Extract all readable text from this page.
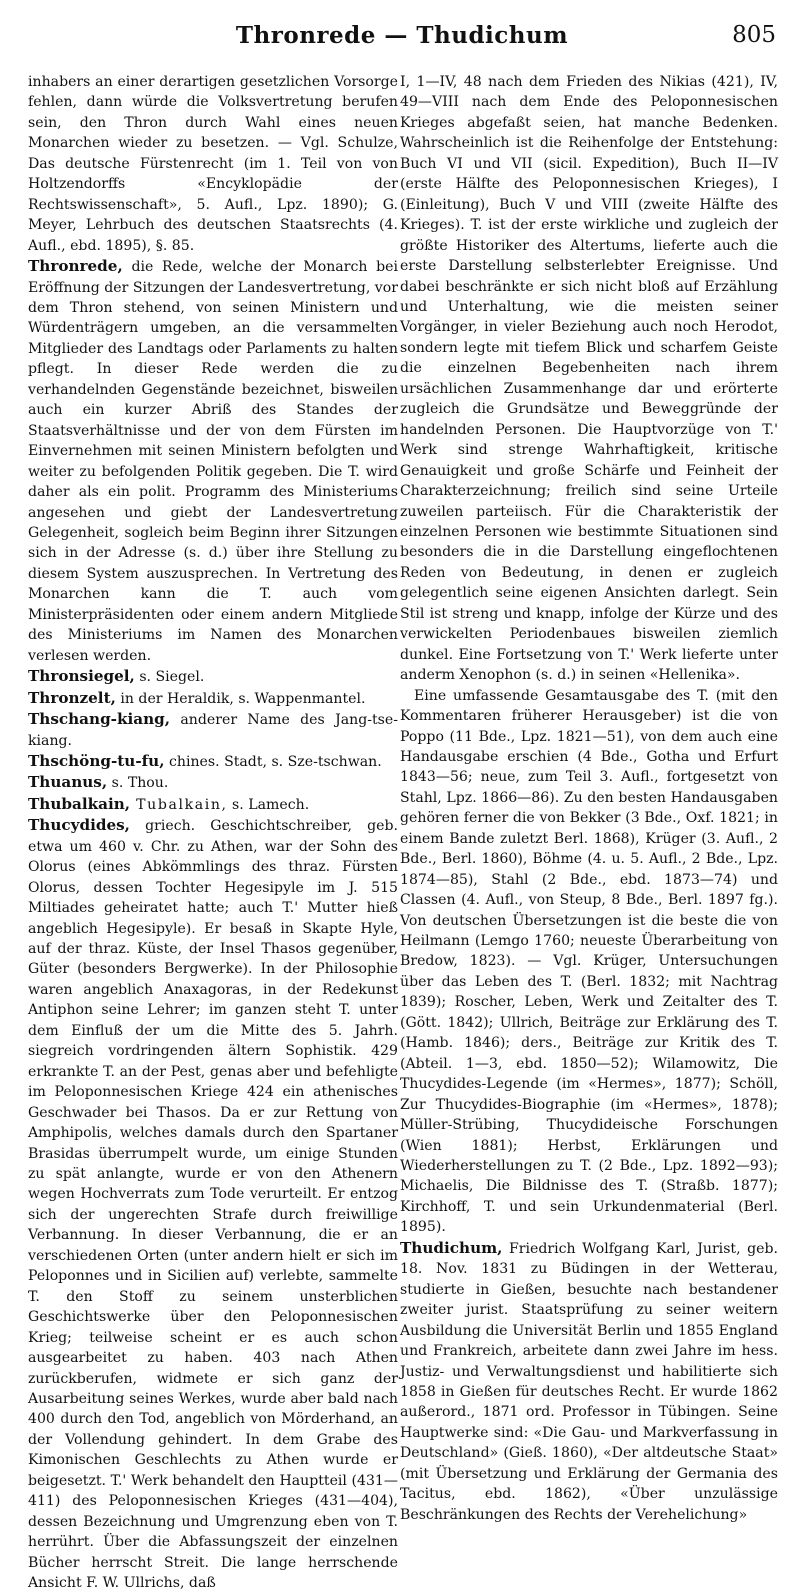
Thronrede — Thudichum	805

inhabers an einer derartigen gesetzlichen Vorsorge fehlen, dann würde die Volksvertretung berufen sein, den Thron durch Wahl eines neuen Monarchen wieder zu besetzen. — Vgl. Schulze, Das deutsche Fürstenrecht (im 1. Teil von von Holtzendorffs «Encyklopädie der Rechtswissenschaft», 5. Aufl., Lpz. 1890); G. Meyer, Lehrbuch des deutschen Staatsrechts (4. Aufl., ebd. 1895), §. 85.

Thronrede, die Rede, welche der Monarch bei Eröffnung der Sitzungen der Landesvertretung, vor dem Thron stehend, von seinen Ministern und Würdenträgern umgeben, an die versammelten Mitglieder des Landtags oder Parlaments zu halten pflegt. In dieser Rede werden die zu verhandelnden Gegenstände bezeichnet, bisweilen auch ein kurzer Abriß des Standes der Staatsverhältnisse und der von dem Fürsten im Einvernehmen mit seinen Ministern befolgten und weiter zu befolgenden Politik gegeben. Die T. wird daher als ein polit. Programm des Ministeriums angesehen und giebt der Landesvertretung Gelegenheit, sogleich beim Beginn ihrer Sitzungen sich in der Adresse (s. d.) über ihre Stellung zu diesem System auszusprechen. In Vertretung des Monarchen kann die T. auch vom Ministerpräsidenten oder einem andern Mitgliede des Ministeriums im Namen des Monarchen verlesen werden.

Thronsiegel, s. Siegel.

Thronzelt, in der Heraldik, s. Wappenmantel.

Thschang-kiang, anderer Name des Jang-tse-kiang.

Thschöng-tu-fu, chines. Stadt, s. Sze-tschwan.

Thuanus, s. Thou.

Thubalkain, Tubalkain, s. Lamech.

Thucydides, griech. Geschichtschreiber, geb. etwa um 460 v. Chr. zu Athen, war der Sohn des Olorus (eines Abkömmlings des thraz. Fürsten Olorus, dessen Tochter Hegesipyle im J. 515 Miltiades geheiratet hatte; auch T.' Mutter hieß angeblich Hegesipyle). Er besaß in Skapte Hyle, auf der thraz. Küste, der Insel Thasos gegenüber, Güter (besonders Bergwerke). In der Philosophie waren angeblich Anaxagoras, in der Redekunst Antiphon seine Lehrer; im ganzen steht T. unter dem Einfluß der um die Mitte des 5. Jahrh. siegreich vordringenden ältern Sophistik. 429 erkrankte T. an der Pest, genas aber und befehligte im Peloponnesischen Kriege 424 ein athenisches Geschwader bei Thasos. Da er zur Rettung von Amphipolis, welches damals durch den Spartaner Brasidas überrumpelt wurde, um einige Stunden zu spät anlangte, wurde er von den Athenern wegen Hochverrats zum Tode verurteilt. Er entzog sich der ungerechten Strafe durch freiwillige Verbannung. In dieser Verbannung, die er an verschiedenen Orten (unter andern hielt er sich im Peloponnes und in Sicilien auf) verlebte, sammelte T. den Stoff zu seinem unsterblichen Geschichtswerke über den Peloponnesischen Krieg; teilweise scheint er es auch schon ausgearbeitet zu haben. 403 nach Athen zurückberufen, widmete er sich ganz der Ausarbeitung seines Werkes, wurde aber bald nach 400 durch den Tod, angeblich von Mörderhand, an der Vollendung gehindert. In dem Grabe des Kimonischen Geschlechts zu Athen wurde er beigesetzt. T.' Werk behandelt den Hauptteil (431—411) des Peloponnesischen Krieges (431—404), dessen Bezeichnung und Umgrenzung eben von T. herrührt. Über die Abfassungszeit der einzelnen Bücher herrscht Streit. Die lange herrschende Ansicht F. W. Ullrichs, daß

I, 1—IV, 48 nach dem Frieden des Nikias (421), IV, 49—VIII nach dem Ende des Peloponnesischen Krieges abgefaßt seien, hat manche Bedenken. Wahrscheinlich ist die Reihenfolge der Entstehung: Buch VI und VII (sicil. Expedition), Buch II—IV (erste Hälfte des Peloponnesischen Krieges), I (Einleitung), Buch V und VIII (zweite Hälfte des Krieges). T. ist der erste wirkliche und zugleich der größte Historiker des Altertums, lieferte auch die erste Darstellung selbsterlebter Ereignisse. Und dabei beschränkte er sich nicht bloß auf Erzählung und Unterhaltung, wie die meisten seiner Vorgänger, in vieler Beziehung auch noch Herodot, sondern legte mit tiefem Blick und scharfem Geiste die einzelnen Begebenheiten nach ihrem ursächlichen Zusammenhange dar und erörterte zugleich die Grundsätze und Beweggründe der handelnden Personen. Die Hauptvorzüge von T.' Werk sind strenge Wahrhaftigkeit, kritische Genauigkeit und große Schärfe und Feinheit der Charakterzeichnung; freilich sind seine Urteile zuweilen parteiisch. Für die Charakteristik der einzelnen Personen wie bestimmte Situationen sind besonders die in die Darstellung eingeflochtenen Reden von Bedeutung, in denen er zugleich gelegentlich seine eigenen Ansichten darlegt. Sein Stil ist streng und knapp, infolge der Kürze und des verwickelten Periodenbaues bisweilen ziemlich dunkel. Eine Fortsetzung von T.' Werk lieferte unter anderm Xenophon (s. d.) in seinen «Hellenika».

Eine umfassende Gesamtausgabe des T. (mit den Kommentaren früherer Herausgeber) ist die von Poppo (11 Bde., Lpz. 1821—51), von dem auch eine Handausgabe erschien (4 Bde., Gotha und Erfurt 1843—56; neue, zum Teil 3. Aufl., fortgesetzt von Stahl, Lpz. 1866—86). Zu den besten Handausgaben gehören ferner die von Bekker (3 Bde., Oxf. 1821; in einem Bande zuletzt Berl. 1868), Krüger (3. Aufl., 2 Bde., Berl. 1860), Böhme (4. u. 5. Aufl., 2 Bde., Lpz. 1874—85), Stahl (2 Bde., ebd. 1873—74) und Classen (4. Aufl., von Steup, 8 Bde., Berl. 1897 fg.). Von deutschen Übersetzungen ist die beste die von Heilmann (Lemgo 1760; neueste Überarbeitung von Bredow, 1823). — Vgl. Krüger, Untersuchungen über das Leben des T. (Berl. 1832; mit Nachtrag 1839); Roscher, Leben, Werk und Zeitalter des T. (Gött. 1842); Ullrich, Beiträge zur Erklärung des T. (Hamb. 1846); ders., Beiträge zur Kritik des T. (Abteil. 1—3, ebd. 1850—52); Wilamowitz, Die Thucydides-Legende (im «Hermes», 1877); Schöll, Zur Thucydides-Biographie (im «Hermes», 1878); Müller-Strübing, Thucydideische Forschungen (Wien 1881); Herbst, Erklärungen und Wiederherstellungen zu T. (2 Bde., Lpz. 1892—93); Michaelis, Die Bildnisse des T. (Straßb. 1877); Kirchhoff, T. und sein Urkundenmaterial (Berl. 1895).

Thudichum, Friedrich Wolfgang Karl, Jurist, geb. 18. Nov. 1831 zu Büdingen in der Wetterau, studierte in Gießen, besuchte nach bestandener zweiter jurist. Staatsprüfung zu seiner weitern Ausbildung die Universität Berlin und 1855 England und Frankreich, arbeitete dann zwei Jahre im hess. Justiz- und Verwaltungsdienst und habilitierte sich 1858 in Gießen für deutsches Recht. Er wurde 1862 außerord., 1871 ord. Professor in Tübingen. Seine Hauptwerke sind: «Die Gau- und Markverfassung in Deutschland» (Gieß. 1860), «Der altdeutsche Staat» (mit Übersetzung und Erklärung der Germania des Tacitus, ebd. 1862), «Über unzulässige Beschränkungen des Rechts der Verehelichung»
